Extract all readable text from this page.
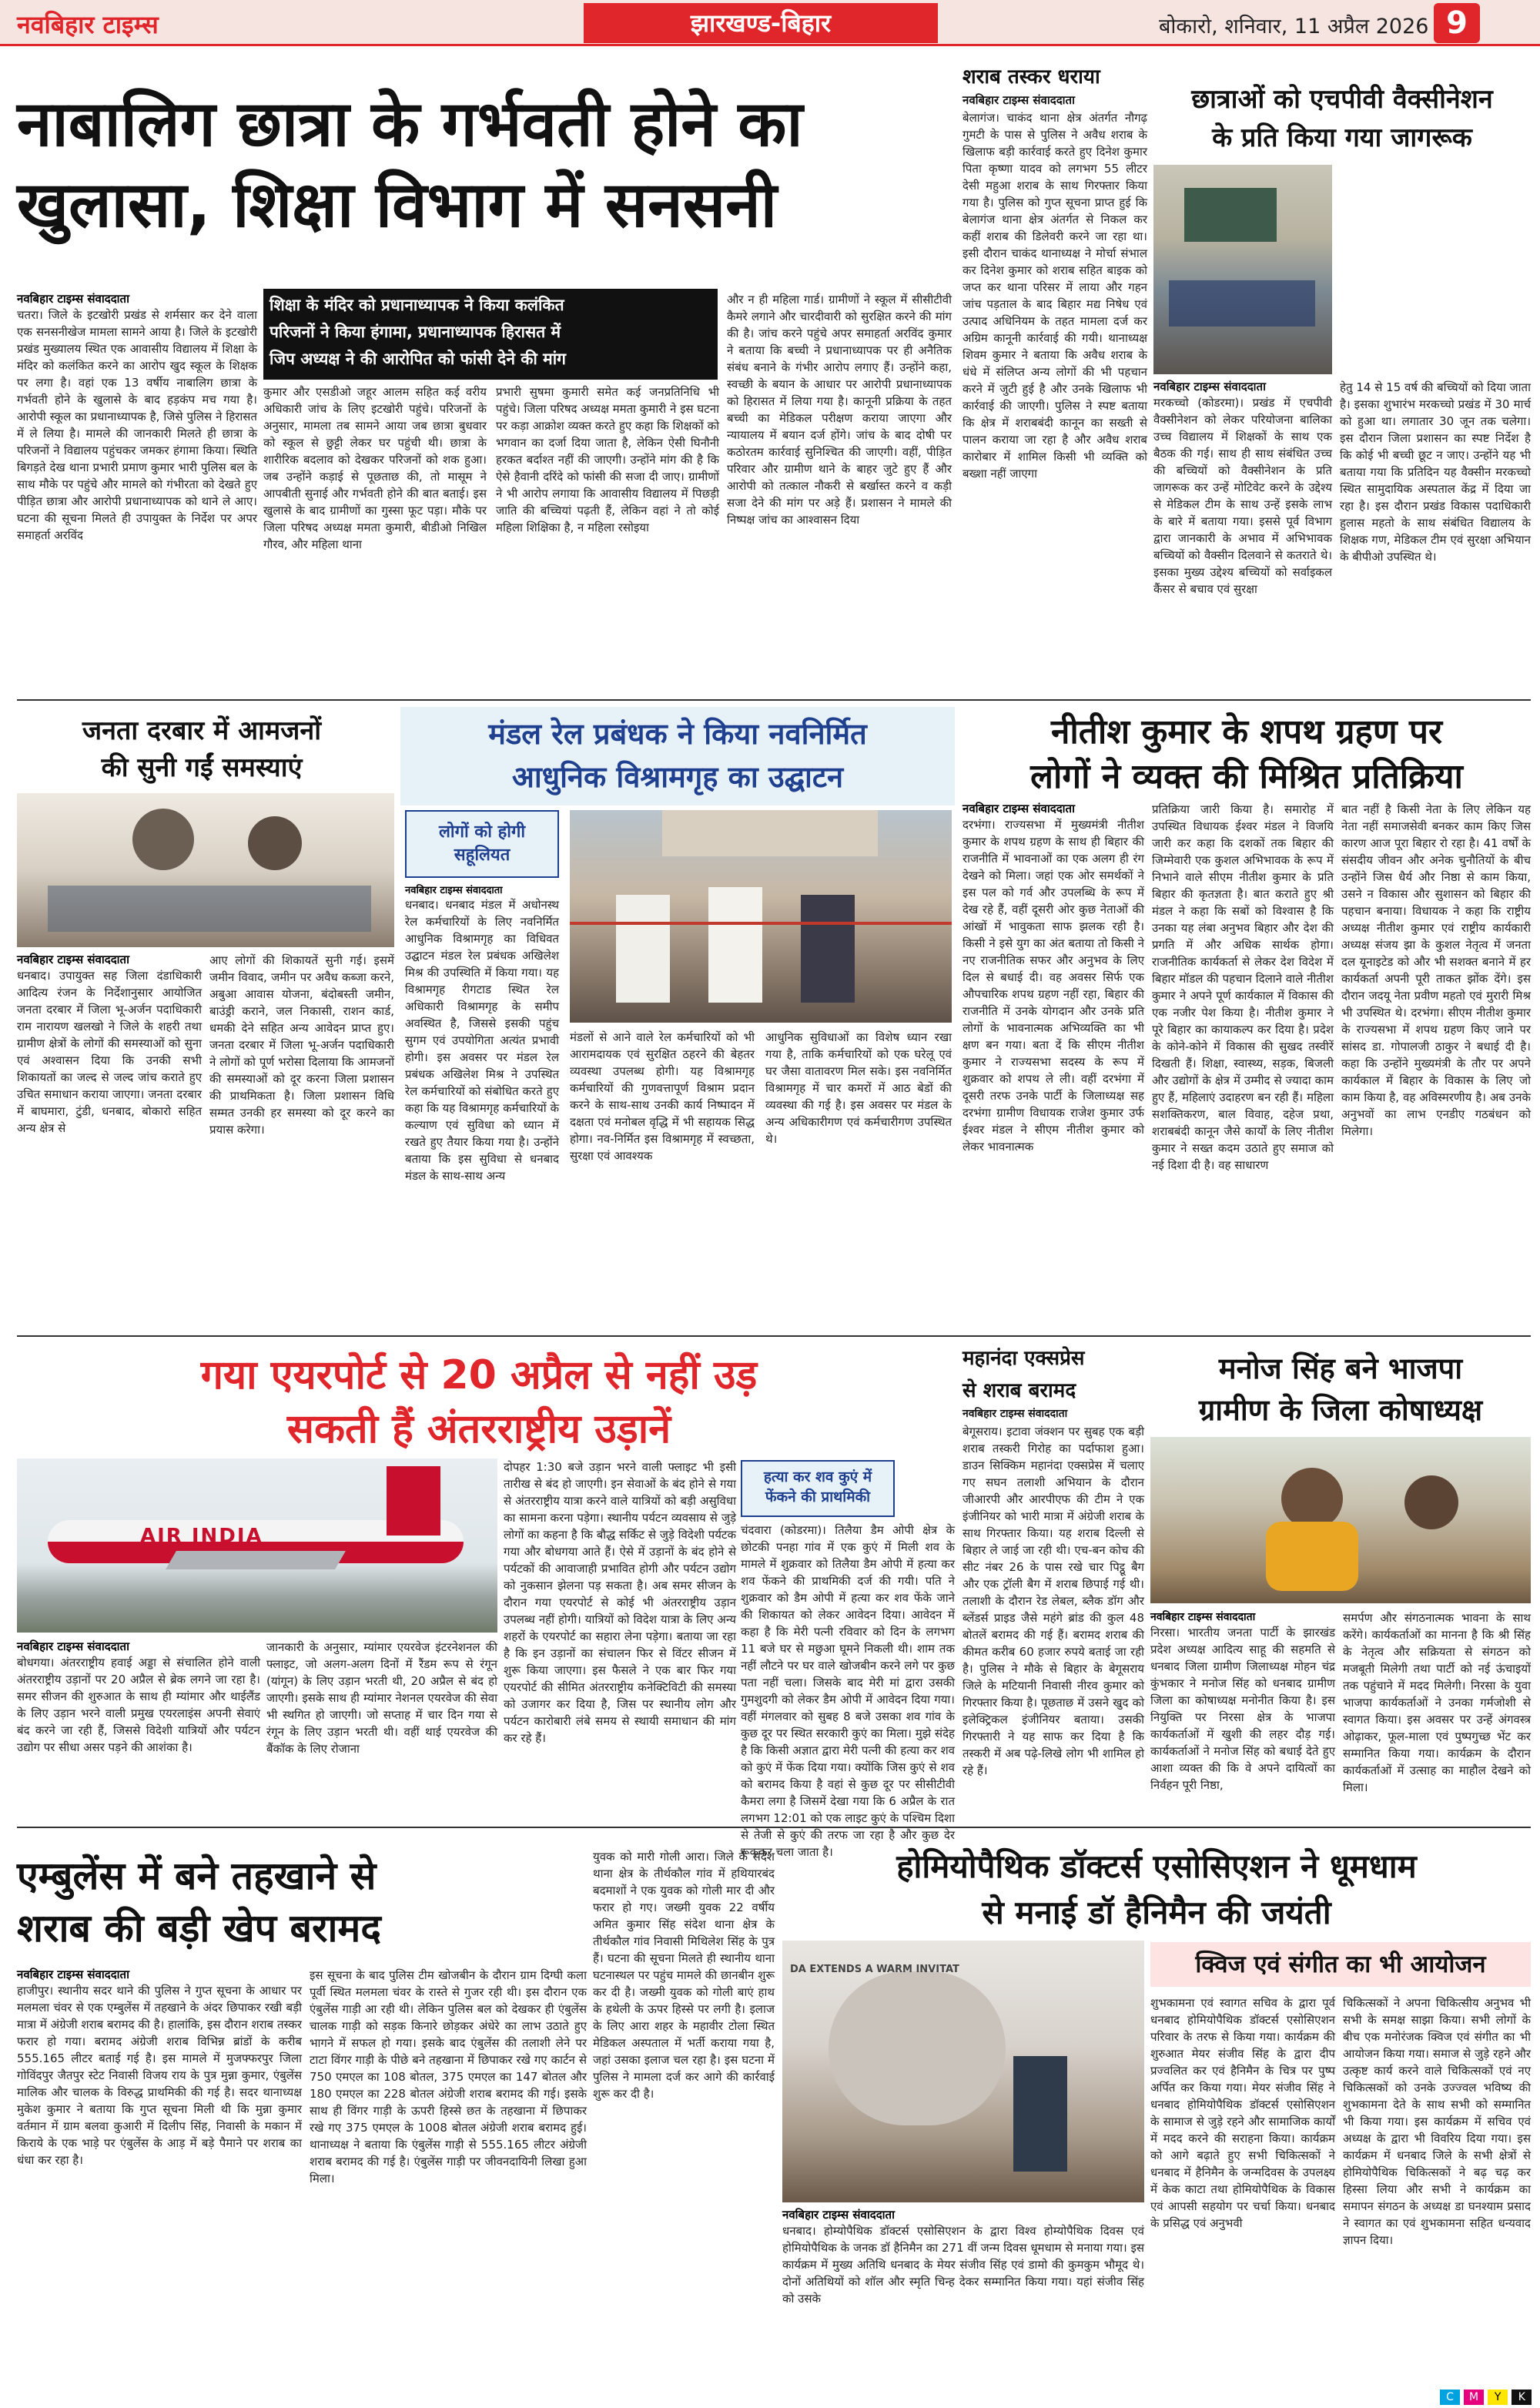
नवबिहार टाइम्स	झारखण्ड-बिहार	बोकारो, शनिवार, 11 अप्रैल 2026 9
नाबालिग छात्रा के गर्भवती होने का
खुलासा, शिक्षा विभाग में सनसनी
शिक्षा के मंदिर को प्रधानाध्यापक ने किया कलंकित
परिजनों ने किया हंगामा, प्रधानाध्यापक हिरासत में
जिप अध्यक्ष ने की आरोपित को फांसी देने की मांग
नवबिहार टाइम्स संवाददाता
चतरा। जिले के इटखोरी प्रखंड से शर्मसार कर देने वाला एक सनसनीखेज मामला सामने आया है। जिले के इटखोरी प्रखंड मुख्यालय स्थित एक आवासीय विद्यालय में शिक्षा के मंदिर को कलंकित करने का आरोप खुद स्कूल के शिक्षक पर लगा है। वहां एक 13 वर्षीय नाबालिग छात्रा के गर्भवती होने के खुलासे के बाद हड़कंप मच गया है। आरोपी स्कूल का प्रधानाध्यापक है, जिसे पुलिस ने हिरासत में ले लिया है। मामले की जानकारी मिलते ही छात्रा के परिजनों ने विद्यालय पहुंचकर जमकर हंगामा किया। स्थिति बिगड़ते देख थाना प्रभारी प्रमाण कुमार भारी पुलिस बल के साथ मौके पर पहुंचे और मामले को गंभीरता को देखते हुए पीड़ित छात्रा और आरोपी प्रधानाध्यापक को थाने ले आए। घटना की सूचना मिलते ही उपायुक्त के निर्देश पर अपर समाहर्ता अरविंद
कुमार और एसडीओ जहूर आलम सहित कई वरीय अधिकारी जांच के लिए इटखोरी पहुंचे। परिजनों के अनुसार, मामला तब सामने आया जब छात्रा बुधवार को स्कूल से छुट्टी लेकर घर पहुंची थी। छात्रा के शारीरिक बदलाव को देखकर परिजनों को शक हुआ। जब उन्होंने कड़ाई से पूछताछ की, तो मासूम ने आपबीती सुनाई और गर्भवती होने की बात बताई। इस खुलासे के बाद ग्रामीणों का गुस्सा फूट पड़ा। मौके पर जिला परिषद अध्यक्ष ममता कुमारी, बीडीओ निखिल गौरव, और महिला थाना
प्रभारी सुषमा कुमारी समेत कई जनप्रतिनिधि भी पहुंचे। जिला परिषद अध्यक्ष ममता कुमारी ने इस घटना पर कड़ा आक्रोश व्यक्त करते हुए कहा कि शिक्षकों को भगवान का दर्जा दिया जाता है, लेकिन ऐसी घिनौनी हरकत बर्दाश्त नहीं की जाएगी। उन्होंने मांग की है कि ऐसे हैवानी दरिंदे को फांसी की सजा दी जाए। ग्रामीणों ने भी आरोप लगाया कि आवासीय विद्यालय में पिछड़ी जाति की बच्चियां पढ़ती हैं, लेकिन वहां ने तो कोई महिला शिक्षिका है, न महिला रसोइया
और न ही महिला गार्ड। ग्रामीणों ने स्कूल में सीसीटीवी कैमरे लगाने और चारदीवारी को सुरक्षित करने की मांग की है। जांच करने पहुंचे अपर समाहर्ता अरविंद कुमार ने बताया कि बच्ची ने प्रधानाध्यापक पर ही अनैतिक संबंध बनाने के गंभीर आरोप लगाए हैं। उन्होंने कहा, स्वच्छी के बयान के आधार पर आरोपी प्रधानाध्यापक को हिरासत में लिया गया है। कानूनी प्रक्रिया के तहत बच्ची का मेडिकल परीक्षण कराया जाएगा और न्यायालय में बयान दर्ज होंगे। जांच के बाद दोषी पर कठोरतम कार्रवाई सुनिश्चित की जाएगी। वहीं, पीड़ित परिवार और ग्रामीण थाने के बाहर जुटे हुए हैं और आरोपी को तत्काल नौकरी से बर्खास्त करने व कड़ी सजा देने की मांग पर अड़े हैं। प्रशासन ने मामले की निष्पक्ष जांच का आश्वासन दिया
शराब तस्कर धराया
नवबिहार टाइम्स संवाददाता
बेलागंज। चाकंद थाना क्षेत्र अंतर्गत नौगढ़ गुमटी के पास से पुलिस ने अवैध शराब के खिलाफ बड़ी कार्रवाई करते हुए दिनेश कुमार पिता कृष्णा यादव को लगभग 55 लीटर देसी महुआ शराब के साथ गिरफ्तार किया गया है। पुलिस को गुप्त सूचना प्राप्त हुई कि बेलागंज थाना क्षेत्र अंतर्गत से निकल कर कहीं शराब की डिलेवरी करने जा रहा था। इसी दौरान चाकंद थानाध्यक्ष ने मोर्चा संभाल कर दिनेश कुमार को शराब सहित बाइक को जप्त कर थाना परिसर में लाया और गहन जांच पड़ताल के बाद बिहार मद्य निषेध एवं उत्पाद अधिनियम के तहत मामला दर्ज कर अग्रिम कानूनी कार्रवाई की गयी। थानाध्यक्ष शिवम कुमार ने बताया कि अवैध शराब के धंधे में संलिप्त अन्य लोगों की भी पहचान करने में जुटी हुई है और उनके खिलाफ भी कार्रवाई की जाएगी। पुलिस ने स्पष्ट बताया कि क्षेत्र में शराबबंदी कानून का सख्ती से पालन कराया जा रहा है और अवैध शराब कारोबार में शामिल किसी भी व्यक्ति को बख्शा नहीं जाएगा
छात्राओं को एचपीवी वैक्सीनेशन
के प्रति किया गया जागरूक
नवबिहार टाइम्स संवाददाता
मरकच्चो (कोडरमा)। प्रखंड में एचपीवी वैक्सीनेशन को लेकर परियोजना बालिका उच्च विद्यालय में शिक्षकों के साथ एक बैठक की गई। साथ ही साथ संबंधित उच्च की बच्चियों को वैक्सीनेशन के प्रति जागरूक कर उन्हें मोटिवेट करने के उद्देश्य से मेडिकल टीम के साथ उन्हें इसके लाभ के बारे में बताया गया। इससे पूर्व विभाग द्वारा जानकारी के अभाव में अभिभावक बच्चियों को वैक्सीन दिलवाने से कतराते थे। इसका मुख्य उद्देश्य बच्चियों को सर्वाइकल कैंसर से बचाव एवं सुरक्षा
हेतु 14 से 15 वर्ष की बच्चियों को दिया जाता है। इसका शुभारंभ मरकच्चो प्रखंड में 30 मार्च को हुआ था। लगातार 30 जून तक चलेगा। इस दौरान जिला प्रशासन का स्पष्ट निर्देश है कि कोई भी बच्ची छूट न जाए। उन्होंने यह भी बताया गया कि प्रतिदिन यह वैक्सीन मरकच्चो स्थित सामुदायिक अस्पताल केंद्र में दिया जा रहा है। इस दौरान प्रखंड विकास पदाधिकारी हुलास महतो के साथ संबंधित विद्यालय के शिक्षक गण, मेडिकल टीम एवं सुरक्षा अभियान के बीपीओ उपस्थित थे।
जनता दरबार में आमजनों
की सुनी गईं समस्याएं
नवबिहार टाइम्स संवाददाता
धनबाद। उपायुक्त सह जिला दंडाधिकारी आदित्य रंजन के निर्देशानुसार आयोजित जनता दरबार में जिला भू-अर्जन पदाधिकारी राम नारायण खलखो ने जिले के शहरी तथा ग्रामीण क्षेत्रों के लोगों की समस्याओं को सुना एवं अश्वासन दिया कि उनकी सभी शिकायतों का जल्द से जल्द जांच कराते हुए उचित समाधान कराया जाएगा। जनता दरबार में बाघमारा, टुंडी, धनबाद, बोकारो सहित अन्य क्षेत्र से
आए लोगों की शिकायतें सुनी गई। इसमें जमीन विवाद, जमीन पर अवैध कब्जा करने, अबुआ आवास योजना, बंदोबस्ती जमीन, बाउंड्री कराने, जल निकासी, राशन कार्ड, धमकी देने सहित अन्य आवेदन प्राप्त हुए। जनता दरबार में जिला भू-अर्जन पदाधिकारी ने लोगों को पूर्ण भरोसा दिलाया कि आमजनों की समस्याओं को दूर करना जिला प्रशासन की प्राथमिकता है। जिला प्रशासन विधि सम्मत उनकी हर समस्या को दूर करने का प्रयास करेगा।
मंडल रेल प्रबंधक ने किया नवनिर्मित
आधुनिक विश्रामगृह का उद्घाटन
लोगों को होगी
सहूलियत
नवबिहार टाइम्स संवाददाता
धनबाद। धनबाद मंडल में अधोनस्थ रेल कर्मचारियों के लिए नवनिर्मित आधुनिक विश्रामगृह का विधिवत उद्घाटन मंडल रेल प्रबंधक अखिलेश मिश्र की उपस्थिति में किया गया। यह विश्रामगृह रीगटाड स्थित रेल अधिकारी विश्रामगृह के समीप अवस्थित है, जिससे इसकी पहुंच सुगम एवं उपयोगिता अत्यंत प्रभावी होगी। इस अवसर पर मंडल रेल प्रबंधक अखिलेश मिश्र ने उपस्थित रेल कर्मचारियों को संबोधित करते हुए कहा कि यह विश्रामगृह कर्मचारियों के कल्याण एवं सुविधा को ध्यान में रखते हुए तैयार किया गया है। उन्होंने बताया कि इस सुविधा से धनबाद मंडल के साथ-साथ अन्य
मंडलों से आने वाले रेल कर्मचारियों को भी आरामदायक एवं सुरक्षित ठहरने की बेहतर व्यवस्था उपलब्ध होगी। यह विश्रामगृह कर्मचारियों की गुणवत्तापूर्ण विश्राम प्रदान करने के साथ-साथ उनकी कार्य निष्पादन में दक्षता एवं मनोबल वृद्धि में भी सहायक सिद्ध होगा। नव-निर्मित इस विश्रामगृह में स्वच्छता, सुरक्षा एवं आवश्यक
आधुनिक सुविधाओं का विशेष ध्यान रखा गया है, ताकि कर्मचारियों को एक घरेलू एवं घर जैसा वातावरण मिल सके। इस नवनिर्मित विश्रामगृह में चार कमरों में आठ बेडों की व्यवस्था की गई है। इस अवसर पर मंडल के अन्य अधिकारीगण एवं कर्मचारीगण उपस्थित थे।
नीतीश कुमार के शपथ ग्रहण पर
लोगों ने व्यक्त की मिश्रित प्रतिक्रिया
नवबिहार टाइम्स संवाददाता
दरभंगा। राज्यसभा में मुख्यमंत्री नीतीश कुमार के शपथ ग्रहण के साथ ही बिहार की राजनीति में भावनाओं का एक अलग ही रंग देखने को मिला। जहां एक ओर समर्थकों ने इस पल को गर्व और उपलब्धि के रूप में देख रहे हैं, वहीं दूसरी ओर कुछ नेताओं की आंखों में भावुकता साफ झलक रही है। किसी ने इसे युग का अंत बताया तो किसी ने नए राजनीतिक सफर और अनुभव के लिए दिल से बधाई दी। वह अवसर सिर्फ एक औपचारिक शपथ ग्रहण नहीं रहा, बिहार की राजनीति में उनके योगदान और उनके प्रति लोगों के भावनात्मक अभिव्यक्ति का भी क्षण बन गया। बता दें कि सीएम नीतीश कुमार ने राज्यसभा सदस्य के रूप में शुक्रवार को शपथ ले ली। वहीं दरभंगा में दूसरी तरफ उनके पार्टी के जिलाध्यक्ष सह दरभंगा ग्रामीण विधायक राजेश कुमार उर्फ ईश्वर मंडल ने सीएम नीतीश कुमार को लेकर भावनात्मक
प्रतिक्रिया जारी किया है। समारोह में उपस्थित विधायक ईश्वर मंडल ने विजयि जारी कर कहा कि दशकों तक बिहार की जिम्मेवारी एक कुशल अभिभावक के रूप में निभाने वाले सीएम नीतीश कुमार के प्रति बिहार की कृतज्ञता है। बात कराते हुए श्री मंडल ने कहा कि सबों को विश्वास है कि उनका यह लंबा अनुभव बिहार और देश की प्रगति में और अधिक सार्थक होगा। राजनीतिक कार्यकर्ता से लेकर देश विदेश में बिहार मॉडल की पहचान दिलाने वाले नीतीश कुमार ने अपने पूर्ण कार्यकाल में विकास की एक नजीर पेश किया है। नीतीश कुमार ने पूरे बिहार का कायाकल्प कर दिया है। प्रदेश के कोने-कोने में विकास की सुखद तस्वीरें दिखती हैं। शिक्षा, स्वास्थ्य, सड़क, बिजली और उद्योगों के क्षेत्र में उम्मीद से ज्यादा काम हुए हैं, महिलाएं उदाहरण बन रही हैं। महिला सशक्तिकरण, बाल विवाह, दहेज प्रथा, शराबबंदी कानून जैसे कार्यों के लिए नीतीश कुमार ने सख्त कदम उठाते हुए समाज को नई दिशा दी है। वह साधारण
बात नहीं है किसी नेता के लिए लेकिन यह नेता नहीं समाजसेवी बनकर काम किए जिस कारण आज पूरा बिहार रो रहा है। 41 वर्षों के संसदीय जीवन और अनेक चुनौतियों के बीच उन्होंने जिस धैर्य और निष्ठा से काम किया, उसने न विकास और सुशासन को बिहार की पहचान बनाया। विधायक ने कहा कि राष्ट्रीय अध्यक्ष नीतीश कुमार एवं राष्ट्रीय कार्यकारी अध्यक्ष संजय झा के कुशल नेतृत्व में जनता दल यूनाइटेड को और भी सशक्त बनाने में हर कार्यकर्ता अपनी पूरी ताकत झोंक देंगे। इस दौरान जदयू नेता प्रवीण महतो एवं मुरारी मिश्र भी उपस्थित थे। दरभंगा। सीएम नीतीश कुमार के राज्यसभा में शपथ ग्रहण किए जाने पर सांसद डा. गोपालजी ठाकुर ने बधाई दी है। कहा कि उन्होंने मुख्यमंत्री के तौर पर अपने कार्यकाल में बिहार के विकास के लिए जो काम किया है, वह अविस्मरणीय है। अब उनके अनुभवों का लाभ एनडीए गठबंधन को मिलेगा।
गया एयरपोर्ट से 20 अप्रैल से नहीं उड़
सकती हैं अंतरराष्ट्रीय उड़ानें
AIR INDIA
नवबिहार टाइम्स संवाददाता
बोधगया। अंतरराष्ट्रीय हवाई अड्डा से संचालित होने वाली अंतरराष्ट्रीय उड़ानों पर 20 अप्रैल से ब्रेक लगने जा रहा है। समर सीजन की शुरुआत के साथ ही म्यांमार और थाईलैंड के लिए उड़ान भरने वाली प्रमुख एयरलाइंस अपनी सेवाएं बंद करने जा रही हैं, जिससे विदेशी यात्रियों और पर्यटन उद्योग पर सीधा असर पड़ने की आशंका है।
जानकारी के अनुसार, म्यांमार एयरवेज इंटरनेशनल की फ्लाइट, जो अलग-अलग दिनों में रैंडम रूप से रंगून (यांगून) के लिए उड़ान भरती थी, 20 अप्रैल से बंद हो जाएगी। इसके साथ ही म्यांमार नेशनल एयरवेज की सेवा भी स्थगित हो जाएगी। जो सप्ताह में चार दिन गया से रंगून के लिए उड़ान भरती थी। वहीं थाई एयरवेज की बैंकॉक के लिए रोजाना
दोपहर 1:30 बजे उड़ान भरने वाली फ्लाइट भी इसी तारीख से बंद हो जाएगी। इन सेवाओं के बंद होने से गया से अंतरराष्ट्रीय यात्रा करने वाले यात्रियों को बड़ी असुविधा का सामना करना पड़ेगा। स्थानीय पर्यटन व्यवसाय से जुड़े लोगों का कहना है कि बौद्ध सर्किट से जुड़े विदेशी पर्यटक गया और बोधगया आते हैं। ऐसे में उड़ानों के बंद होने से पर्यटकों की आवाजाही प्रभावित होगी और पर्यटन उद्योग को नुकसान झेलना पड़ सकता है। अब समर सीजन के दौरान गया एयरपोर्ट से कोई भी अंतरराष्ट्रीय उड़ान उपलब्ध नहीं होगी। यात्रियों को विदेश यात्रा के लिए अन्य शहरों के एयरपोर्ट का सहारा लेना पड़ेगा। बताया जा रहा है कि इन उड़ानों का संचालन फिर से विंटर सीजन में शुरू किया जाएगा। इस फैसले ने एक बार फिर गया एयरपोर्ट की सीमित अंतरराष्ट्रीय कनेक्टिविटी की समस्या को उजागर कर दिया है, जिस पर स्थानीय लोग और पर्यटन कारोबारी लंबे समय से स्थायी समाधान की मांग कर रहे हैं।
हत्या कर शव कुएं में
फेंकने की प्राथमिकी
चंदवारा (कोडरमा)। तिलैया डैम ओपी क्षेत्र के छोटकी पनहा गांव में एक कुएं में मिली शव के मामले में शुक्रवार को तिलैया डैम ओपी में हत्या कर शव फेंकने की प्राथमिकी दर्ज की गयी। पति ने शुक्रवार को डैम ओपी में हत्या कर शव फेंके जाने की शिकायत को लेकर आवेदन दिया। आवेदन में कहा है कि मेरी पत्नी रविवार को दिन के लगभग 11 बजे घर से मछुआ घूमने निकली थी। शाम तक नहीं लौटने पर घर वाले खोजबीन करने लगे पर कुछ पता नहीं चला। जिसके बाद मेरी मां द्वारा उसकी गुमशुदगी को लेकर डैम ओपी में आवेदन दिया गया। वहीं मंगलवार को सुबह 8 बजे उसका शव गांव के कुछ दूर पर स्थित सरकारी कुएं का मिला। मुझे संदेह है कि किसी अज्ञात द्वारा मेरी पत्नी की हत्या कर शव को कुएं में फेंक दिया गया। क्योंकि जिस कुएं से शव को बरामद किया है वहां से कुछ दूर पर सीसीटीवी कैमरा लगा है जिसमें देखा गया कि 6 अप्रैल के रात लगभग 12:01 को एक लाइट कुएं के पश्चिम दिशा से तेजी से कुएं की तरफ जा रहा है और कुछ देर रूककर चला जाता है।
महानंदा एक्सप्रेस
से शराब बरामद
नवबिहार टाइम्स संवाददाता
बेगूसराय। इटावा जंक्शन पर सुबह एक बड़ी शराब तस्करी गिरोह का पर्दाफाश हुआ। डाउन सिक्किम महानंदा एक्सप्रेस में चलाए गए सघन तलाशी अभियान के दौरान जीआरपी और आरपीएफ की टीम ने एक इंजीनियर को भारी मात्रा में अंग्रेजी शराब के साथ गिरफ्तार किया। यह शराब दिल्ली से बिहार ले जाई जा रही थी। एच-बन कोच की सीट नंबर 26 के पास रखे चार पिट्ठू बैग और एक ट्रॉली बैग में शराब छिपाई गई थी। तलाशी के दौरान रेड लेबल, ब्लैक डॉग और ब्लेंडर्स प्राइड जैसे महंगे ब्रांड की कुल 48 बोतलें बरामद की गई हैं। बरामद शराब की कीमत करीब 60 हजार रुपये बताई जा रही है। पुलिस ने मौके से बिहार के बेगूसराय जिले के मटियानी निवासी नीरव कुमार को गिरफ्तार किया है। पूछताछ में उसने खुद को इलेक्ट्रिकल इंजीनियर बताया। उसकी गिरफ्तारी ने यह साफ कर दिया है कि तस्करी में अब पढ़े-लिखे लोग भी शामिल हो रहे हैं।
मनोज सिंह बने भाजपा
ग्रामीण के जिला कोषाध्यक्ष
नवबिहार टाइम्स संवाददाता
निरसा। भारतीय जनता पार्टी के झारखंड प्रदेश अध्यक्ष आदित्य साहू की सहमति से धनबाद जिला ग्रामीण जिलाध्यक्ष मोहन चंद्र कुंभकार ने मनोज सिंह को धनबाद ग्रामीण जिला का कोषाध्यक्ष मनोनीत किया है। इस नियुक्ति पर निरसा क्षेत्र के भाजपा कार्यकर्ताओं में खुशी की लहर दौड़ गई। कार्यकर्ताओं ने मनोज सिंह को बधाई देते हुए आशा व्यक्त की कि वे अपने दायित्वों का निर्वहन पूरी निष्ठा,
समर्पण और संगठनात्मक भावना के साथ करेंगे। कार्यकर्ताओं का मानना है कि श्री सिंह के नेतृत्व और सक्रियता से संगठन को मजबूती मिलेगी तथा पार्टी को नई ऊंचाइयों तक पहुंचाने में मदद मिलेगी। निरसा के युवा भाजपा कार्यकर्ताओं ने उनका गर्मजोशी से स्वागत किया। इस अवसर पर उन्हें अंगवस्त्र ओढ़ाकर, फूल-माला एवं पुष्पगुच्छ भेंट कर सम्मानित किया गया। कार्यक्रम के दौरान कार्यकर्ताओं में उत्साह का माहौल देखने को मिला।
एम्बुलेंस में बने तहखाने से
शराब की बड़ी खेप बरामद
नवबिहार टाइम्स संवाददाता
हाजीपुर। स्थानीय सदर थाने की पुलिस ने गुप्त सूचना के आधार पर मलमला चंवर से एक एम्बुलेंस में तहखाने के अंदर छिपाकर रखी बड़ी मात्रा में अंग्रेजी शराब बरामद की है। हालांकि, इस दौरान शराब तस्कर फरार हो गया। बरामद अंग्रेजी शराब विभिन्न ब्रांडों के करीब 555.165 लीटर बताई गई है। इस मामले में मुजफ्फरपुर जिला गोविंदपुर जैतपुर स्टेट निवासी विजय राय के पुत्र मुन्ना कुमार, एंबुलेंस मालिक और चालक के विरुद्ध प्राथमिकी की गई है। सदर थानाध्यक्ष मुकेश कुमार ने बताया कि गुप्त सूचना मिली थी कि मुन्ना कुमार वर्तमान में ग्राम बलवा कुआरी में दिलीप सिंह, निवासी के मकान में किराये के एक भाड़े पर एंबुलेंस के आड़ में बड़े पैमाने पर शराब का धंधा कर रहा है।
इस सूचना के बाद पुलिस टीम खोजबीन के दौरान ग्राम दिग्घी कला पूर्वी स्थित मलमला चंवर के रास्ते से गुजर रही थी। इस दौरान एक एंबुलेंस गाड़ी आ रही थी। लेकिन पुलिस बल को देखकर ही एंबुलेंस चालक गाड़ी को सड़क किनारे छोड़कर अंधेरे का लाभ उठाते हुए भागने में सफल हो गया। इसके बाद एंबुलेंस की तलाशी लेने पर टाटा विंगर गाड़ी के पीछे बने तहखाना में छिपाकर रखे गए कार्टन से 750 एमएल का 108 बोतल, 375 एमएल का 147 बोतल और 180 एमएल का 228 बोतल अंग्रेजी शराब बरामद की गई। इसके साथ ही विंगर गाड़ी के ऊपरी हिस्से छत के तहखाना में छिपाकर रखे गए 375 एमएल के 1008 बोतल अंग्रेजी शराब बरामद हुई। थानाध्यक्ष ने बताया कि एंबुलेंस गाड़ी से 555.165 लीटर अंग्रेजी शराब बरामद की गई है। एंबुलेंस गाड़ी पर जीवनदायिनी लिखा हुआ मिला।
युवक को मारी गोली आरा। जिले के संदेश थाना क्षेत्र के तीर्थकौल गांव में हथियारबंद बदमाशों ने एक युवक को गोली मार दी और फरार हो गए। जख्मी युवक 22 वर्षीय अमित कुमार सिंह संदेश थाना क्षेत्र के तीर्थकौल गांव निवासी मिथिलेश सिंह के पुत्र हैं। घटना की सूचना मिलते ही स्थानीय थाना घटनास्थल पर पहुंच मामले की छानबीन शुरू कर दी है। जख्मी युवक को गोली बाएं हाथ के हथेली के ऊपर हिस्से पर लगी है। इलाज के लिए आरा शहर के महावीर टोला स्थित मेडिकल अस्पताल में भर्ती कराया गया है, जहां उसका इलाज चल रहा है। इस घटना में पुलिस ने मामला दर्ज कर आगे की कार्रवाई शुरू कर दी है।
होमियोपैथिक डॉक्टर्स एसोसिएशन ने धूमधाम
से मनाई डॉ हैनिमैन की जयंती
DA EXTENDS A WARM INVITAT
नवबिहार टाइम्स संवाददाता
धनबाद। होम्योपैथिक डॉक्टर्स एसोसिएशन के द्वारा विश्व होम्योपैथिक दिवस एवं होमियोपैथिक के जनक डॉ हैनिमैन का 271 वीं जन्म दिवस धूमधाम से मनाया गया। इस कार्यक्रम में मुख्य अतिथि धनबाद के मेयर संजीव सिंह एवं डामो की कुमकुम भौमूद थे। दोनों अतिथियों को शॉल और स्मृति चिन्ह देकर सम्मानित किया गया। यहां संजीव सिंह को उसके
क्विज एवं संगीत का भी आयोजन
शुभकामना एवं स्वागत सचिव के द्वारा पूर्व धनबाद होमियोपैथिक डॉक्टर्स एसोसिएशन परिवार के तरफ से किया गया। कार्यक्रम की शुरुआत मेयर संजीव सिंह के द्वारा दीप प्रज्वलित कर एवं हैनिमैन के चित्र पर पुष्प अर्पित कर किया गया। मेयर संजीव सिंह ने धनबाद होमियोपैथिक डॉक्टर्स एसोसिएशन के सामाज से जुड़े रहने और सामाजिक कार्यों में मदद करने की सराहना किया। कार्यक्रम को आगे बढ़ाते हुए सभी चिकित्सकों ने धनबाद में हैनिमैन के जन्मदिवस के उपलक्ष्य में केक काटा तथा होमियोपैथिक के विकास एवं आपसी सहयोग पर चर्चा किया। धनबाद के प्रसिद्ध एवं अनुभवी
चिकित्सकों ने अपना चिकित्सीय अनुभव भी सभी के समक्ष साझा किया। सभी लोगों के बीच एक मनोरंजक क्विज एवं संगीत का भी आयोजन किया गया। समाज से जुड़े रहने और उत्कृष्ट कार्य करने वाले चिकित्सकों एवं नए चिकित्सकों को उनके उज्ज्वल भविष्य की शुभकामना देते के साथ सभी को सम्मानित भी किया गया। इस कार्यक्रम में सचिव एवं अध्यक्ष के द्वारा भी विवरिय दिया गया। इस कार्यक्रम में धनबाद जिले के सभी क्षेत्रों से होमियोपैथिक चिकित्सकों ने बढ़ चढ़ कर हिस्सा लिया और सभी ने कार्यक्रम का समापन संगठन के अध्यक्ष डा घनश्याम प्रसाद ने स्वागत का एवं शुभकामना सहित धन्यवाद ज्ञापन दिया।
C M Y K
